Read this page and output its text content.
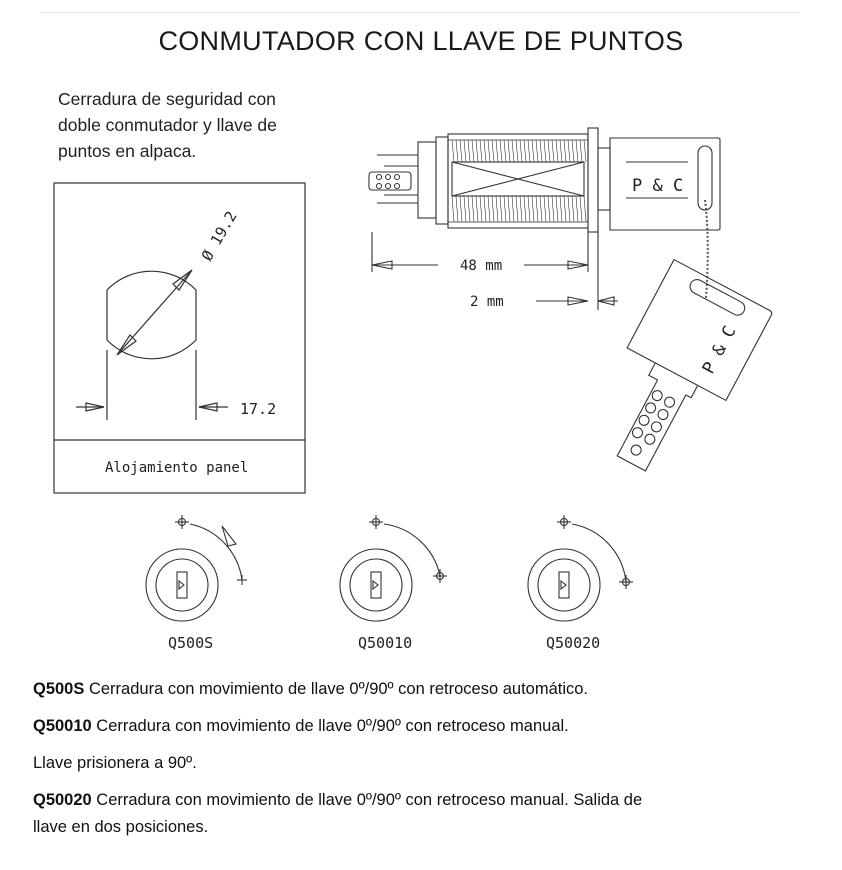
CONMUTADOR CON LLAVE DE PUNTOS
Cerradura de seguridad con
doble conmutador y llave de
puntos en alpaca.
Ø 19.2
17.2
Alojamiento panel
P & C
48 mm
2 mm
P & C
Q500S	Q50010	Q50020
Q500S Cerradura con movimiento de llave 0º/90º con retroceso automático.
Q50010 Cerradura con movimiento de llave 0º/90º con retroceso manual.
Llave prisionera a 90º.
Q50020 Cerradura con movimiento de llave 0º/90º con retroceso manual. Salida de
llave en dos posiciones.
